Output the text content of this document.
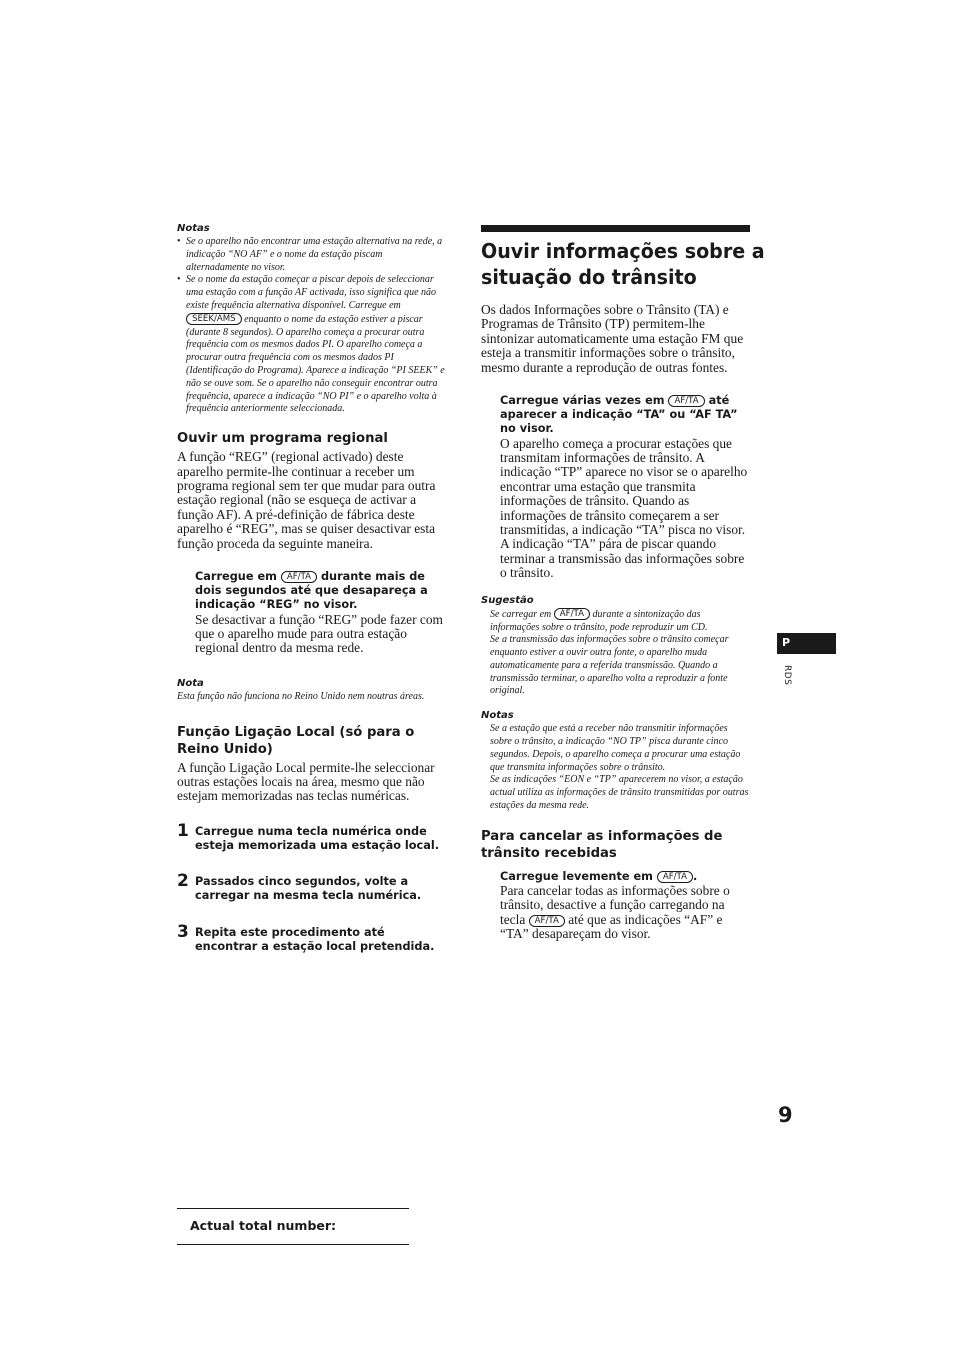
Notas

• Se o aparelho não encontrar uma estação alternativa na rede, a indicação “NO AF” e o nome da estação piscam alternadamente no visor.
• Se o nome da estação começar a piscar depois de seleccionar uma estação com a função AF activada, isso significa que não existe frequência alternativa disponível. Carregue em SEEK/AMS enquanto o nome da estação estiver a piscar (durante 8 segundos). O aparelho começa a procurar outra frequência com os mesmos dados PI. O aparelho começa a procurar outra frequência com os mesmos dados PI (Identificação do Programa). Aparece a indicação “PI SEEK” e não se ouve som. Se o aparelho não conseguir encontrar outra frequência, aparece a indicação “NO PI” e o aparelho volta à frequência anteriormente seleccionada.

Ouvir um programa regional

A função “REG” (regional activado) deste aparelho permite-lhe continuar a receber um programa regional sem ter que mudar para outra estação regional (não se esqueça de activar a função AF). A pré-definição de fábrica deste aparelho é “REG”, mas se quiser desactivar esta função proceda da seguinte maneira.

Carregue em AF/TA durante mais de dois segundos até que desapareça a indicação “REG” no visor.

Se desactivar a função “REG” pode fazer com que o aparelho mude para outra estação regional dentro da mesma rede.

Nota

Esta função não funciona no Reino Unido nem noutras áreas.

Função Ligação Local (só para o Reino Unido)

A função Ligação Local permite-lhe seleccionar outras estações locais na área, mesmo que não estejam memorizadas nas teclas numéricas.

1 Carregue numa tecla numérica onde esteja memorizada uma estação local.

2 Passados cinco segundos, volte a carregar na mesma tecla numérica.

3 Repita este procedimento até encontrar a estação local pretendida.

Ouvir informações sobre a
situação do trânsito

Os dados Informações sobre o Trânsito (TA) e Programas de Trânsito (TP) permitem-lhe sintonizar automaticamente uma estação FM que esteja a transmitir informações sobre o trânsito, mesmo durante a reprodução de outras fontes.

Carregue várias vezes em AF/TA até aparecer a indicação “TA” ou “AF TA” no visor.

O aparelho começa a procurar estações que transmitam informações de trânsito. A indicação “TP” aparece no visor se o aparelho encontrar uma estação que transmita informações de trânsito. Quando as informações de trânsito começarem a ser transmitidas, a indicação “TA” pisca no visor. A indicação “TA” pára de piscar quando terminar a transmissão das informações sobre o trânsito.

Sugestão

Se carregar em AF/TA durante a sintonização das informações sobre o trânsito, pode reproduzir um CD.

Se a transmissão das informações sobre o trânsito começar enquanto estiver a ouvir outra fonte, o aparelho muda automaticamente para a referida transmissão. Quando a transmissão terminar, o aparelho volta a reproduzir a fonte original.

Notas

Se a estação que está a receber não transmitir informações sobre o trânsito, a indicação “NO TP” pisca durante cinco segundos. Depois, o aparelho começa a procurar uma estação que transmita informações sobre o trânsito.

Se as indicações “EON e “TP” aparecerem no visor, a estação actual utiliza as informações de trânsito transmitidas por outras estações da mesma rede.

Para cancelar as informações de trânsito recebidas

Carregue levemente em AF/TA .

Para cancelar todas as informações sobre o trânsito, desactive a função carregando na tecla AF/TA até que as indicações “AF” e “TA” desapareçam do visor.

P
RDS
9
Actual total number:
